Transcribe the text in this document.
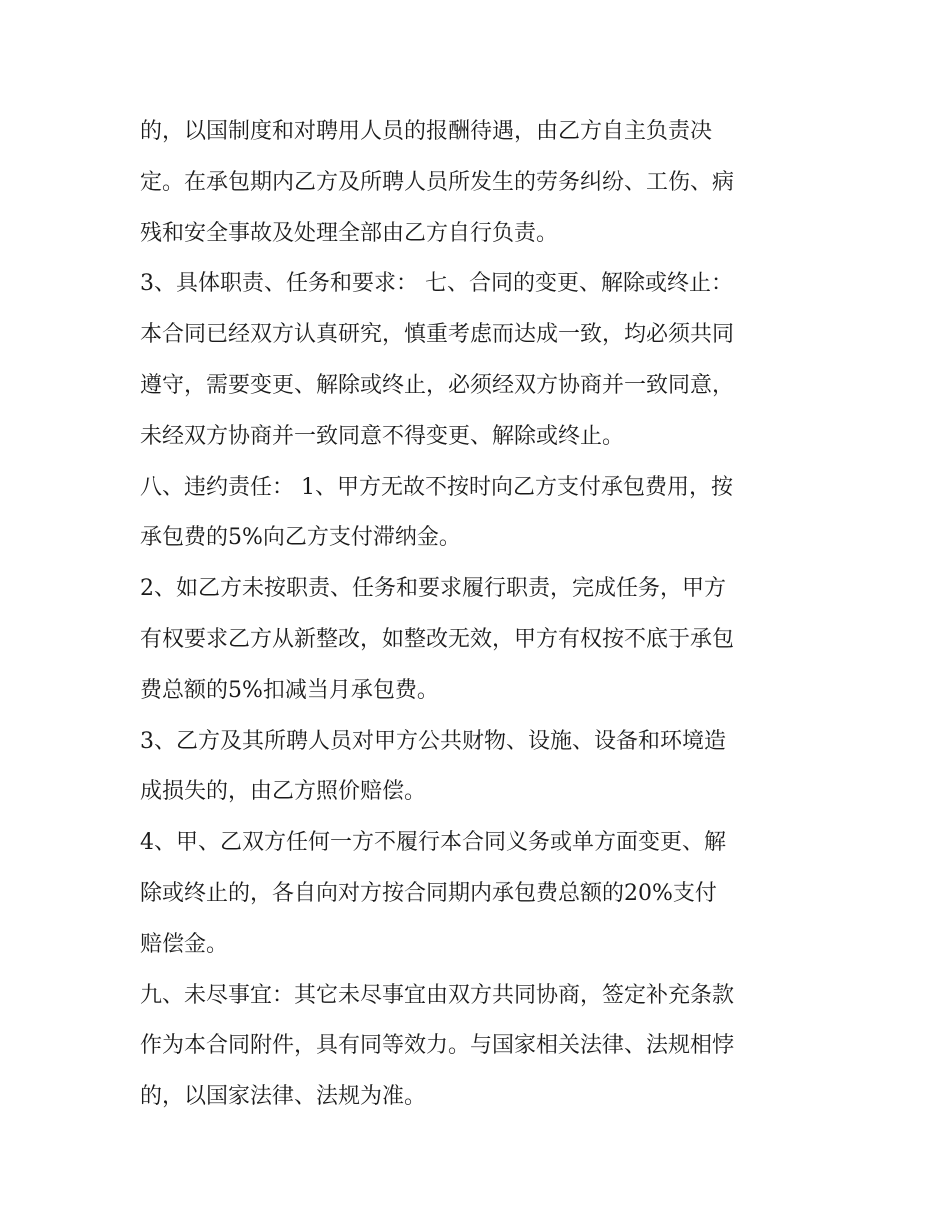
的，以国制度和对聘用人员的报酬待遇，由乙方自主负责决
定。在承包期内乙方及所聘人员所发生的劳务纠纷、工伤、病
残和安全事故及处理全部由乙方自行负责。
3、具体职责、任务和要求： 七、合同的变更、解除或终止：
本合同已经双方认真研究，慎重考虑而达成一致，均必须共同
遵守，需要变更、解除或终止，必须经双方协商并一致同意，
未经双方协商并一致同意不得变更、解除或终止。
八、违约责任： 1、甲方无故不按时向乙方支付承包费用，按
承包费的5%向乙方支付滞纳金。
2、如乙方未按职责、任务和要求履行职责，完成任务，甲方
有权要求乙方从新整改，如整改无效，甲方有权按不底于承包
费总额的5%扣减当月承包费。
3、乙方及其所聘人员对甲方公共财物、设施、设备和环境造
成损失的，由乙方照价赔偿。
4、甲、乙双方任何一方不履行本合同义务或单方面变更、解
除或终止的，各自向对方按合同期内承包费总额的20%支付
赔偿金。
九、未尽事宜：其它未尽事宜由双方共同协商，签定补充条款
作为本合同附件，具有同等效力。与国家相关法律、法规相悖
的，以国家法律、法规为准。
